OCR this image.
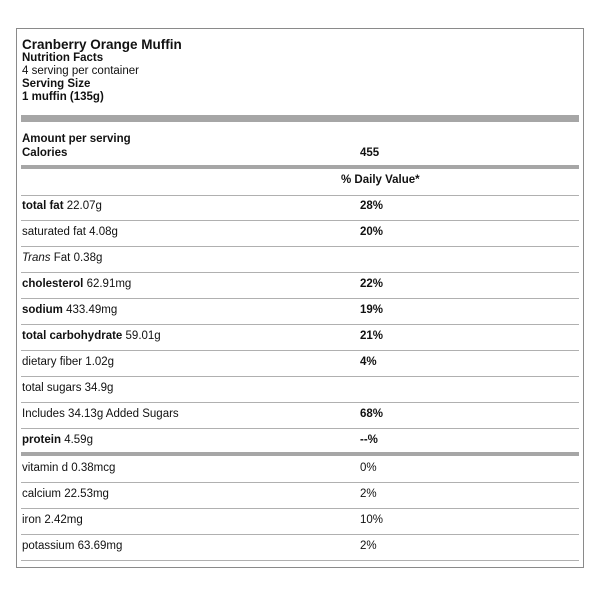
Cranberry Orange Muffin
Nutrition Facts
4 serving per container
Serving Size
1 muffin (135g)
Amount per serving
Calories	455
% Daily Value*
total fat 22.07g	28%
saturated fat 4.08g	20%
Trans Fat 0.38g
cholesterol 62.91mg	22%
sodium 433.49mg	19%
total carbohydrate 59.01g	21%
dietary fiber 1.02g	4%
total sugars 34.9g
Includes 34.13g Added Sugars	68%
protein 4.59g	--%
vitamin d 0.38mcg	0%
calcium 22.53mg	2%
iron 2.42mg	10%
potassium 63.69mg	2%
